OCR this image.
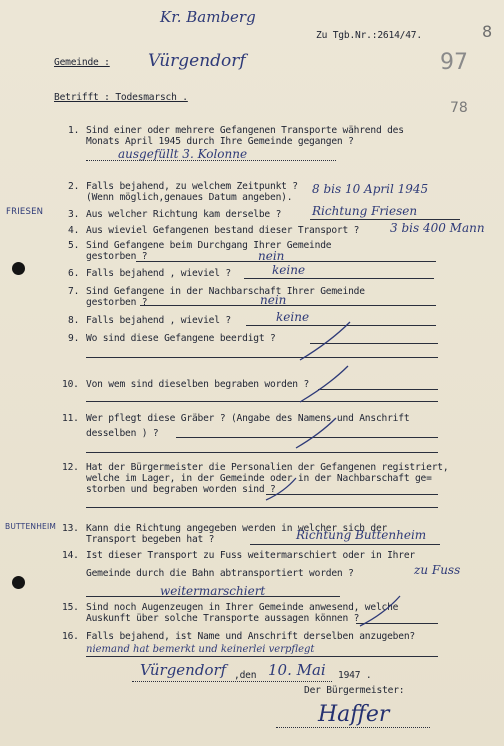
Kr. Bamberg
Zu Tgb.Nr.:2614/47.	8
97
78
Gemeinde : Vürgendorf
Betrifft : Todesmarsch .
1. Sind einer oder mehrere Gefangenen Transporte während des
Monats April 1945 durch Ihre Gemeinde gegangen ?
ausgefüllt 3. Kolonne
2. Falls bejahend, zu welchem Zeitpunkt ?
(Wenn möglich,genaues Datum angeben).
8 bis 10 April 1945
FRIESEN	3. Aus welcher Richtung kam derselbe ?	Richtung Friesen
4. Aus wieviel Gefangenen bestand dieser Transport ?	3 bis 400 Mann
5. Sind Gefangene beim Durchgang Ihrer Gemeinde
gestorben ?	nein
6. Falls bejahend , wieviel ?	keine
7. Sind Gefangene in der Nachbarschaft Ihrer Gemeinde
gestorben ?	nein
8. Falls bejahend , wieviel ?	keine
9. Wo sind diese Gefangene beerdigt ?
10. Von wem sind dieselben begraben worden ?
11. Wer pflegt diese Gräber ? (Angabe des Namens und Anschrift
desselben ) ?
12. Hat der Bürgermeister die Personalien der Gefangenen registriert,
welche im Lager, in der Gemeinde oder in der Nachbarschaft ge=
storben und begraben worden sind ?
BUTTENHEIM 13. Kann die Richtung angegeben werden in welcher sich der
Transport begeben hat ?	Richtung Buttenheim
14. Ist dieser Transport zu Fuss weitermarschiert oder in Ihrer
Gemeinde durch die Bahn abtransportiert worden ?	zu Fuss
weitermarschiert
15. Sind noch Augenzeugen in Ihrer Gemeinde anwesend, welche
Auskunft über solche Transporte aussagen können ?
16. Falls bejahend, ist Name und Anschrift derselben anzugeben?
niemand hat bemerkt und keinerlei verpflegt
Vürgendorf ,den 10. Mai 1947 .
Der Bürgermeister:
Haffer
